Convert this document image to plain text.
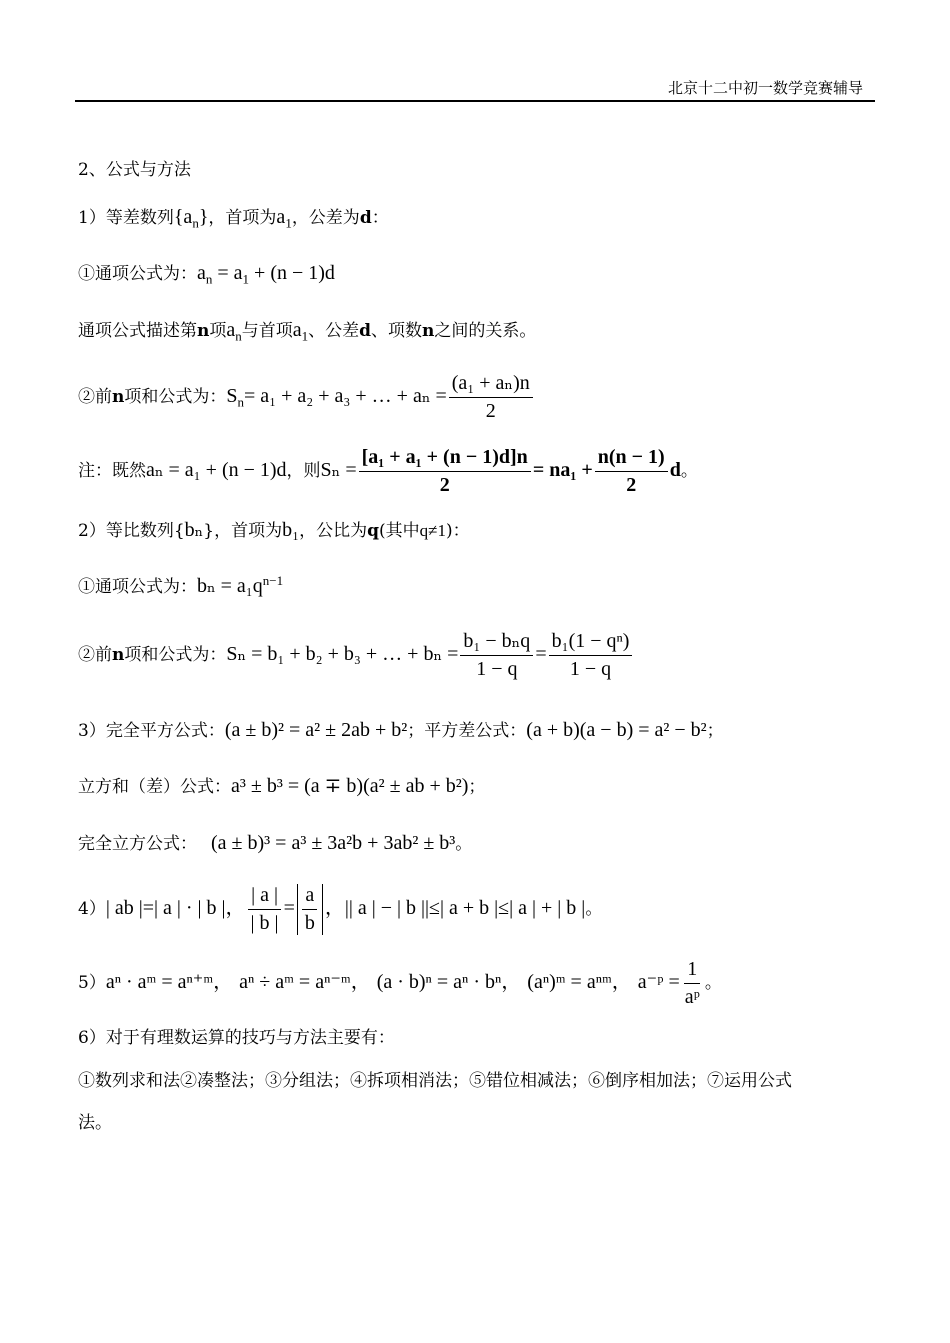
北京十二中初一数学竞赛辅导
2、公式与方法
1）等差数列$\{a_n\}$，首项为$a_1$，公差为d：
①通项公式为：$a_n = a_1 + (n - 1)d$
通项公式描述第n项$a_n$与首项$a_1$、公差d、项数n之间的关系。
②前n项和公式为：$S_n= a_1 + a_2 + a_3$ + … + $a_n = \frac{\text{(a₁ + aₙ)n}}{2}$
注：既然aₙ = a₁ + (n − 1)d，则$S_n = \frac{\text{[a₁ + a₁ + (n − 1)d]n}}{2} = na_1 + \frac{n(n - 1)}{2}$ d。
2）等比数列{bₙ}，首项为b₁，公比为q(其中q≠1)：
①通项公式为：$b_n = a_1q^{n-1}$
②前n项和公式为：Sₙ = b₁ + b₂ + b₃ + … + $b_n = \frac{\text{b₁ − bₙq}}{1 - q} = \frac{\text{b₁(1 − qⁿ)}}{1 - q}$
3）完全平方公式：(a ± b)² = a² ± 2ab + b²；平方差公式：(a + b)(a − b) = a² − b²；
立方和（差）公式：a³ ± b³ = (a ∓ b)(a² ± ab + b²)；
完全立方公式： (a ± b)³ = a³ ± 3a²b + 3ab² ± b³。
4）| ab |=| a | · | b |， $\frac{| a |}{| b |} = \frac{a}{b}$ ，|| a | − | b ||≤| a + b |≤| a | + | b |。
5）aⁿ · aᵐ = aⁿ⁺ᵐ， aⁿ ÷ aᵐ = aⁿ⁻ᵐ， (a · b)ⁿ = aⁿ · bⁿ， (aⁿ)ᵐ = aⁿᵐ， a⁻ᵖ = $\frac{1}{\text{aᵖ}}$ 。
6）对于有理数运算的技巧与方法主要有：
①数列求和法②凑整法；③分组法；④拆项相消法；⑤错位相减法；⑥倒序相加法；⑦运用公式
法。
